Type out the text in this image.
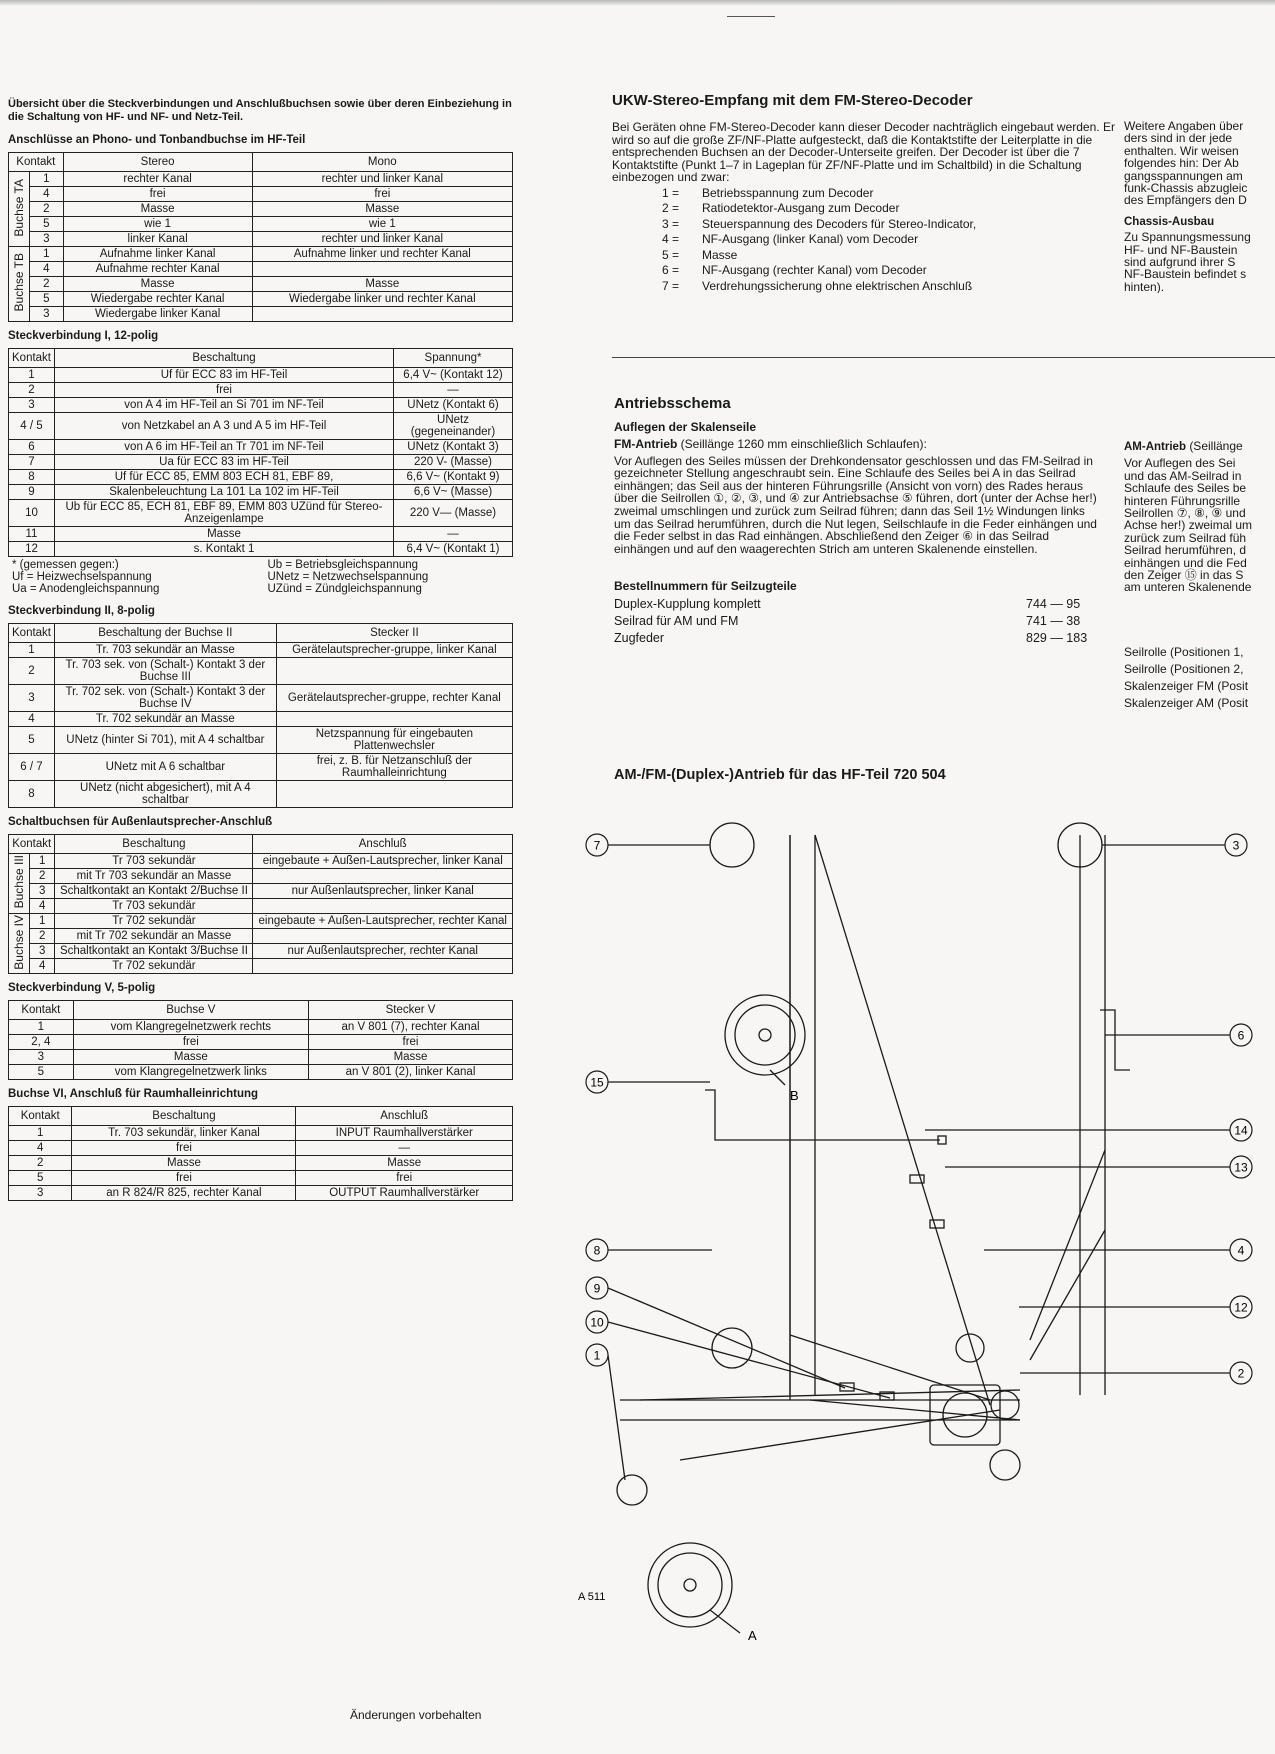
Übersicht über die Steckverbindungen und Anschlußbuchsen sowie über deren Einbeziehung in die Schaltung von HF- und NF- und Netz-Teil.

Anschlüsse an Phono- und Tonbandbuchse im HF-Teil
Kontakt		Stereo	Mono
Buchse TA	1	rechter Kanal	rechter und linker Kanal
	4	frei	frei
	2	Masse	Masse
	5	wie 1	wie 1
	3	linker Kanal	rechter und linker Kanal
Buchse TB	1	Aufnahme linker Kanal	Aufnahme linker und rechter Kanal
	4	Aufnahme rechter Kanal	
	2	Masse	Masse
	5	Wiedergabe rechter Kanal	Wiedergabe linker und rechter Kanal
	3	Wiedergabe linker Kanal	
Steckverbindung I, 12-polig
Kontakt	Beschaltung	Spannung*
1	Uf für ECC 83 im HF-Teil	6,4 V~ (Kontakt 12)
2	frei	—
3	von A 4 im HF-Teil an Si 701 im NF-Teil	UNetz (Kontakt 6)
4 / 5	von Netzkabel an A 3 und A 5 im HF-Teil	UNetz (gegeneinander)
6	von A 6 im HF-Teil an Tr 701 im NF-Teil	UNetz (Kontakt 3)
7	Ua für ECC 83 im HF-Teil	220 V- (Masse)
8	Uf für ECC 85, EMM 803 ECH 81, EBF 89,	6,6 V~ (Kontakt 9)
9	Skalenbeleuchtung La 101 La 102 im HF-Teil	6,6 V~ (Masse)
10	Ub für ECC 85, ECH 81, EBF 89, EMM 803 UZünd für Stereo-Anzeigenlampe	220 V— (Masse)
11	Masse	—
12	s. Kontakt 1	6,4 V~ (Kontakt 1)
* (gemessen gegen:)	Ub = Betriebsgleichspannung
Uf = Heizwechselspannung	UNetz = Netzwechselspannung
Ua = Anodengleichspannung	UZünd = Zündgleichspannung
Steckverbindung II, 8-polig
Kontakt	Beschaltung der Buchse II	Stecker II
1	Tr. 703 sekundär an Masse	Gerätelautsprecher-gruppe, linker Kanal
2	Tr. 703 sek. von (Schalt-) Kontakt 3 der Buchse III	
3	Tr. 702 sek. von (Schalt-) Kontakt 3 der Buchse IV	Gerätelautsprecher-gruppe, rechter Kanal
4	Tr. 702 sekundär an Masse	
5	UNetz (hinter Si 701), mit A 4 schaltbar	Netzspannung für eingebauten Plattenwechsler
6 / 7	UNetz mit A 6 schaltbar	frei, z. B. für Netzanschluß der Raumhalleinrichtung
8	UNetz (nicht abgesichert), mit A 4 schaltbar	
Schaltbuchsen für Außenlautsprecher-Anschluß
Kontakt		Beschaltung	Anschluß
Buchse III	1	Tr 703 sekundär	eingebaute + Außen-Lautsprecher, linker Kanal
	2	mit Tr 703 sekundär an Masse	
	3	Schaltkontakt an Kontakt 2/Buchse II	nur Außenlautsprecher, linker Kanal
	4	Tr 703 sekundär	
Buchse IV	1	Tr 702 sekundär	eingebaute + Außen-Lautsprecher, rechter Kanal
	2	mit Tr 702 sekundär an Masse	
	3	Schaltkontakt an Kontakt 3/Buchse II	nur Außenlautsprecher, rechter Kanal
	4	Tr 702 sekundär	
Steckverbindung V, 5-polig
Kontakt	Buchse V	Stecker V
1	vom Klangregelnetzwerk rechts	an V 801 (7), rechter Kanal
2, 4	frei	frei
3	Masse	Masse
5	vom Klangregelnetzwerk links	an V 801 (2), linker Kanal
Buchse VI, Anschluß für Raumhalleinrichtung
Kontakt	Beschaltung	Anschluß
1	Tr. 703 sekundär, linker Kanal	INPUT Raumhallverstärker
4	frei	—
2	Masse	Masse
5	frei	frei
3	an R 824/R 825, rechter Kanal	OUTPUT Raumhallverstärker
UKW-Stereo-Empfang mit dem FM-Stereo-Decoder
Bei Geräten ohne FM-Stereo-Decoder kann dieser Decoder nachträglich eingebaut werden. Er wird so auf die große ZF/NF-Platte aufgesteckt, daß die Kontaktstifte der Leiterplatte in die entsprechenden Buchsen an der Decoder-Unterseite greifen. Der Decoder ist über die 7 Kontaktstifte (Punkt 1–7 in Lageplan für ZF/NF-Platte und im Schaltbild) in die Schaltung einbezogen und zwar:
1 =	Betriebsspannung zum Decoder
2 =	Ratiodetektor-Ausgang zum Decoder
3 =	Steuerspannung des Decoders für Stereo-Indicator,
4 =	NF-Ausgang (linker Kanal) vom Decoder
5 =	Masse
6 =	NF-Ausgang (rechter Kanal) vom Decoder
7 =	Verdrehungssicherung ohne elektrischen Anschluß
Weitere Angaben über
ders sind in der jede
enthalten. Wir weisen
folgendes hin: Der Ab
gangsspannungen am
funk-Chassis abzugleic
des Empfängers den D
Chassis-Ausbau
Zu Spannungsmessung
HF- und NF-Baustein
sind aufgrund ihrer S
NF-Baustein befindet s
hinten).
Antriebsschema
Auflegen der Skalenseile
FM-Antrieb (Seillänge 1260 mm einschließlich Schlaufen):
Vor Auflegen des Seiles müssen der Drehkondensator geschlossen und das FM-Seilrad in gezeichneter Stellung angeschraubt sein. Eine Schlaufe des Seiles bei A in das Seilrad einhängen; das Seil aus der hinteren Führungsrille (Ansicht von vorn) des Rades heraus über die Seilrollen ①, ②, ③, und ④ zur Antriebsachse ⑤ führen, dort (unter der Achse her!) zweimal umschlingen und zurück zum Seilrad führen; dann das Seil 1½ Windungen links um das Seilrad herumführen, durch die Nut legen, Seilschlaufe in die Feder einhängen und die Feder selbst in das Rad einhängen. Abschließend den Zeiger ⑥ in das Seilrad einhängen und auf den waagerechten Strich am unteren Skalenende einstellen.
Bestellnummern für Seilzugteile
Duplex-Kupplung komplett	744 — 95
Seilrad für AM und FM	741 — 38
Zugfeder	829 — 183
AM-Antrieb (Seillänge
Vor Auflegen des Sei
und das AM-Seilrad in
Schlaufe des Seiles be
hinteren Führungsrille
Seilrollen ⑦, ⑧, ⑨ und
Achse her!) zweimal um
zurück zum Seilrad füh
Seilrad herumführen, d
einhängen und die Fed
den Zeiger ⑮ in das S
am unteren Skalenende
Seilrolle (Positionen 1,
Seilrolle (Positionen 2,
Skalenzeiger FM (Posit
Skalenzeiger AM (Posit
AM-/FM-(Duplex-)Antrieb für das HF-Teil 720 504
7	3
6
15
14
13
8	4
9
12
10
1
2
B
A
A 511
Änderungen vorbehalten
